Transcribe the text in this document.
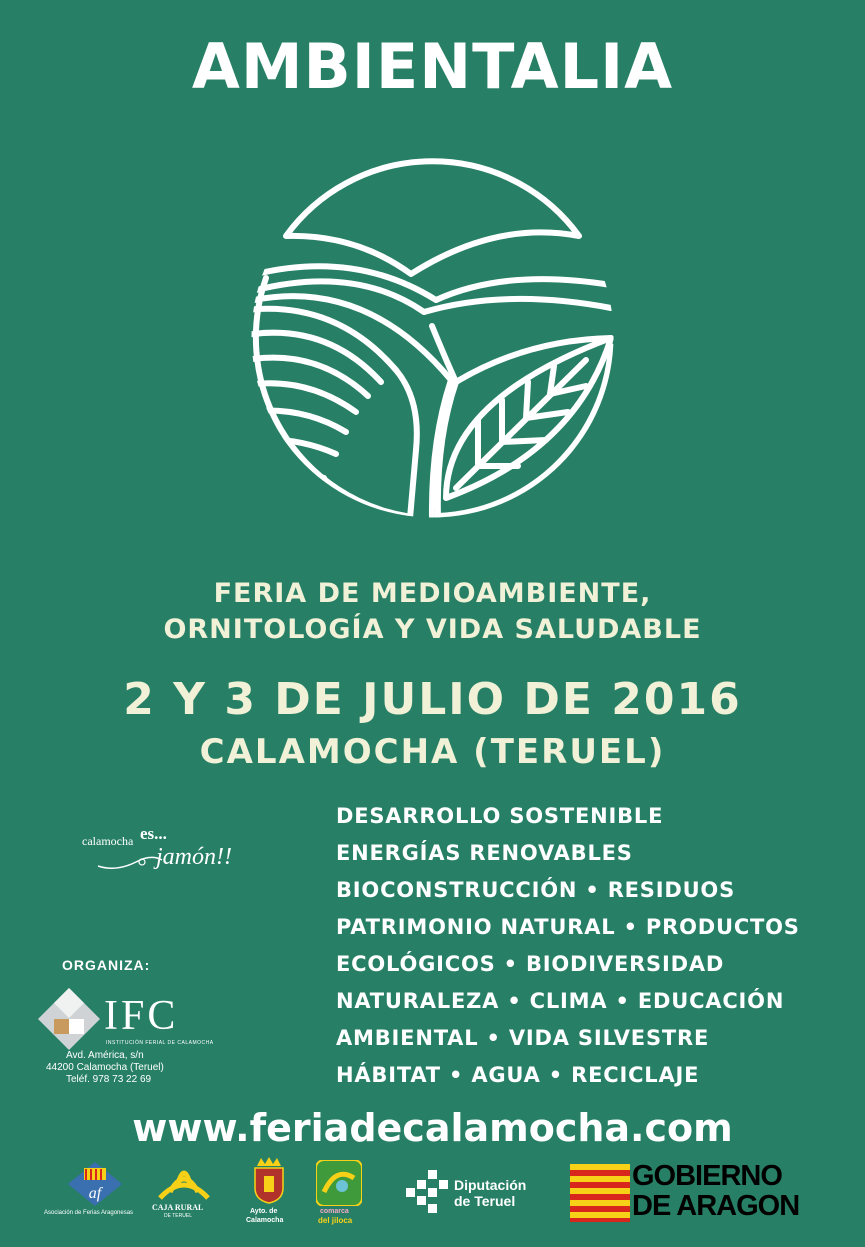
AMBIENTALIA
FERIA DE MEDIOAMBIENTE,
ORNITOLOGÍA Y VIDA SALUDABLE
2 Y 3 DE JULIO DE 2016
CALAMOCHA (TERUEL)
DESARROLLO SOSTENIBLE
ENERGÍAS RENOVABLES
BIOCONSTRUCCIÓN • RESIDUOS
PATRIMONIO NATURAL • PRODUCTOS
ECOLÓGICOS • BIODIVERSIDAD
NATURALEZA • CLIMA • EDUCACIÓN
AMBIENTAL • VIDA SILVESTRE
HÁBITAT • AGUA • RECICLAJE
calamocha es...
jamón!!
ORGANIZA:
IFC
INSTITUCIÓN FERIAL DE CALAMOCHA
Avd. América, s/n
44200 Calamocha (Teruel)
Teléf. 978 73 22 69
www.feriadecalamocha.com
af
Asociación de Ferias Aragonesas
CAJA RURAL
DE TERUEL
Ayto. de
Calamocha
comarca
del jiloca
Diputación
de Teruel
GOBIERNO
DE ARAGON
